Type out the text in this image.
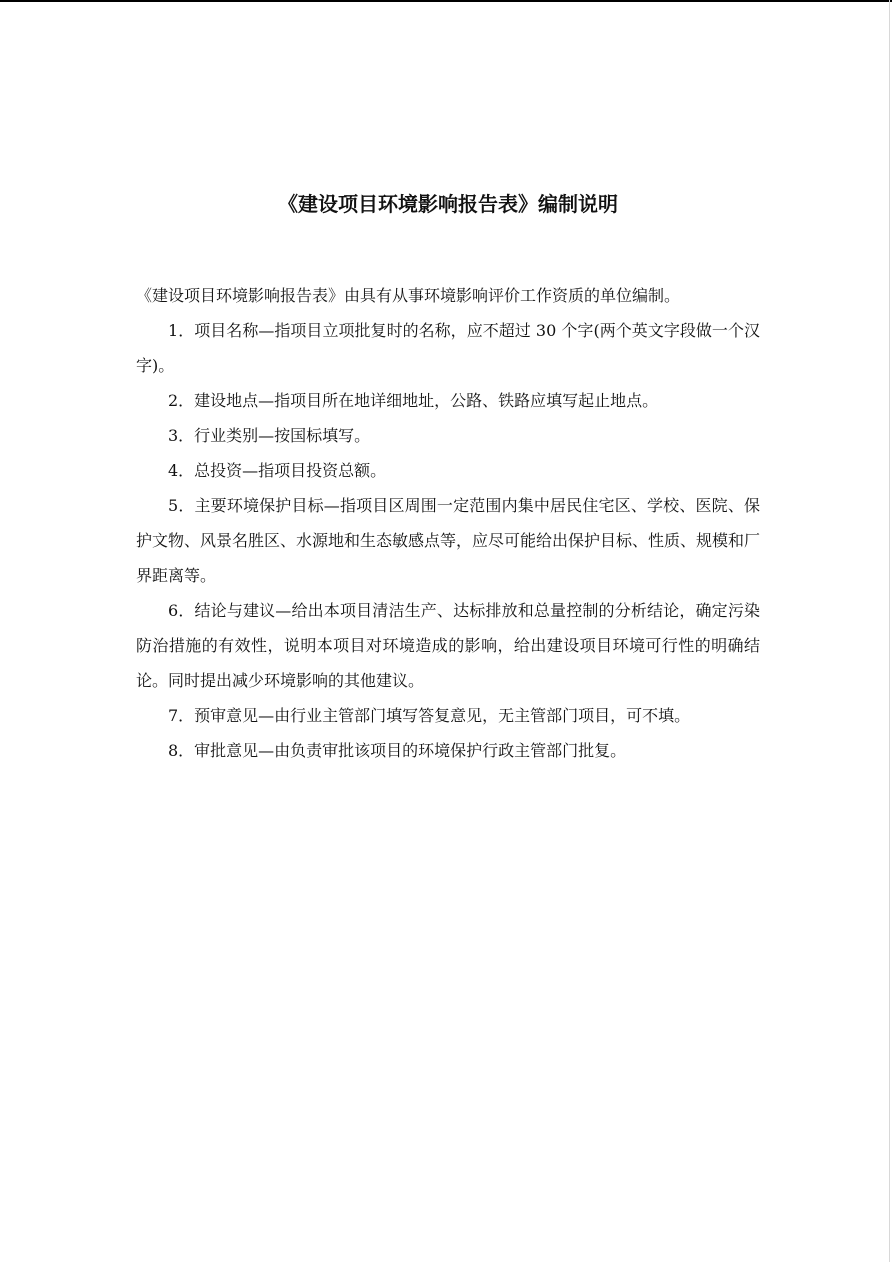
《建设项目环境影响报告表》编制说明

《建设项目环境影响报告表》由具有从事环境影响评价工作资质的单位编制。

1．项目名称—指项目立项批复时的名称，应不超过 30 个字(两个英文字段做一个汉字)。

2．建设地点—指项目所在地详细地址，公路、铁路应填写起止地点。

3．行业类别—按国标填写。

4．总投资—指项目投资总额。

5．主要环境保护目标—指项目区周围一定范围内集中居民住宅区、学校、医院、保护文物、风景名胜区、水源地和生态敏感点等，应尽可能给出保护目标、性质、规模和厂界距离等。

6．结论与建议—给出本项目清洁生产、达标排放和总量控制的分析结论，确定污染防治措施的有效性，说明本项目对环境造成的影响，给出建设项目环境可行性的明确结论。同时提出减少环境影响的其他建议。

7．预审意见—由行业主管部门填写答复意见，无主管部门项目，可不填。

8．审批意见—由负责审批该项目的环境保护行政主管部门批复。
